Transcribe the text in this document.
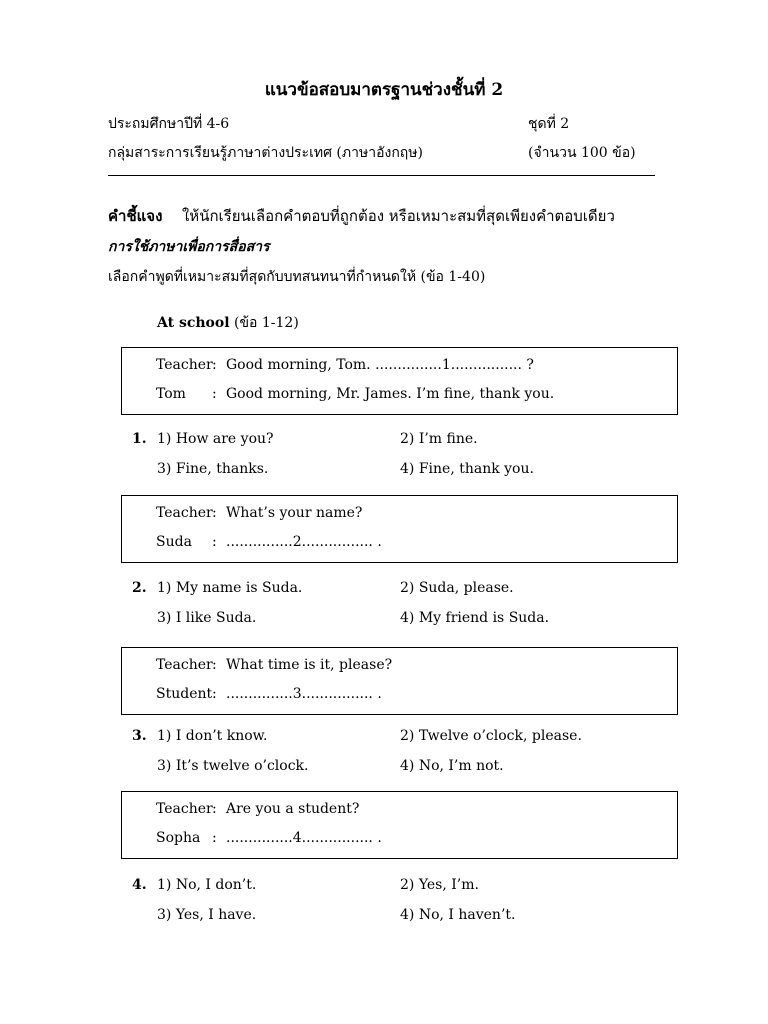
แนวข้อสอบมาตรฐานช่วงชั้นที่ 2
ประถมศึกษาปีที่ 4-6	ชุดที่ 2
กลุ่มสาระการเรียนรู้ภาษาต่างประเทศ (ภาษาอังกฤษ)	(จำนวน 100 ข้อ)
คำชี้แจง ให้นักเรียนเลือกคำตอบที่ถูกต้อง หรือเหมาะสมที่สุดเพียงคำตอบเดียว
การใช้ภาษาเพื่อการสื่อสาร
เลือกคำพูดที่เหมาะสมที่สุดกับบทสนทนาที่กำหนดให้ (ข้อ 1-40)
At school (ข้อ 1-12)
Teacher: Good morning, Tom. ...............1................ ?
Tom : Good morning, Mr. James. I’m fine, thank you.
1. 1) How are you?	2) I’m fine.
3) Fine, thanks.	4) Fine, thank you.
Teacher: What’s your name?
Suda : ...............2................ .
2. 1) My name is Suda.	2) Suda, please.
3) I like Suda.	4) My friend is Suda.
Teacher: What time is it, please?
Student: ...............3................ .
3. 1) I don’t know.	2) Twelve o’clock, please.
3) It’s twelve o’clock.	4) No, I’m not.
Teacher: Are you a student?
Sopha : ...............4................ .
4. 1) No, I don’t.	2) Yes, I’m.
3) Yes, I have.	4) No, I haven’t.
